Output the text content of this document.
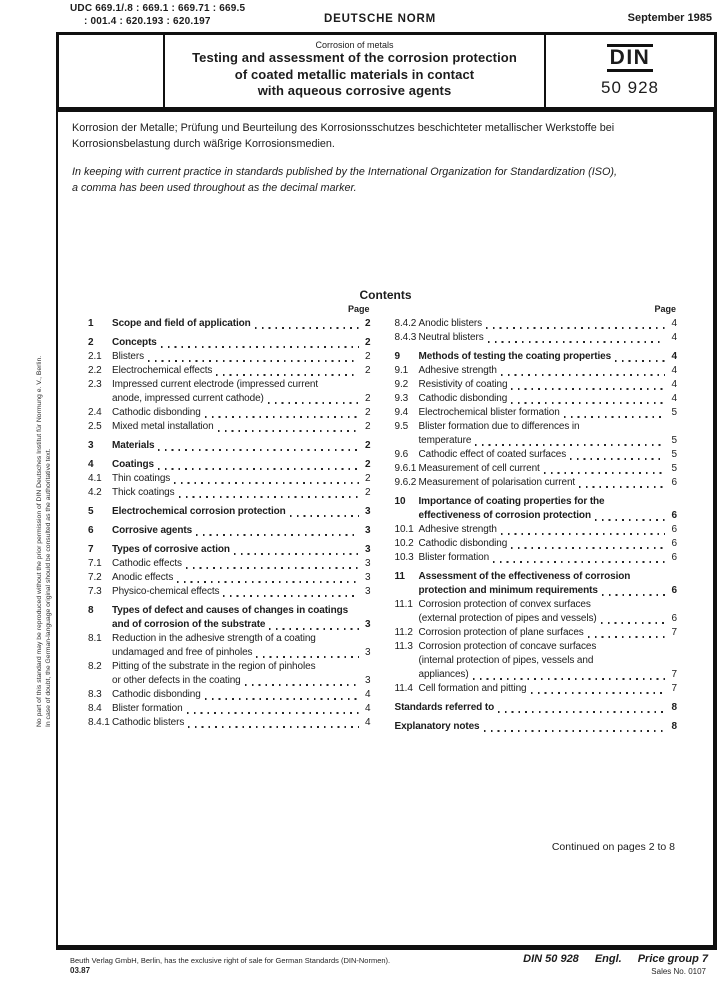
UDC 669.1/.8 : 669.1 : 669.71 : 669.5
: 001.4 : 620.193 : 620.197	DEUTSCHE NORM	September 1985
Corrosion of metals
Testing and assessment of the corrosion protection
of coated metallic materials in contact
with aqueous corrosive agents
DIN
50 928
Korrosion der Metalle; Prüfung und Beurteilung des Korrosionsschutzes beschichteter metallischer Werkstoffe bei
Korrosionsbelastung durch wäßrige Korrosionsmedien.
In keeping with current practice in standards published by the International Organization for Standardization (ISO),
a comma has been used throughout as the decimal marker.
Contents
Page
1	Scope and field of application	2
2	Concepts	2
2.1	Blisters	2
2.2	Electrochemical effects	2
2.3	Impressed current electrode (impressed current
anode, impressed current cathode)	2
2.4	Cathodic disbonding	2
2.5	Mixed metal installation	2
3	Materials	2
4	Coatings	2
4.1	Thin coatings	2
4.2	Thick coatings	2
5	Electrochemical corrosion protection	3
6	Corrosive agents	3
7	Types of corrosive action	3
7.1	Cathodic effects	3
7.2	Anodic effects	3
7.3	Physico-chemical effects	3
8	Types of defect and causes of changes in coatings
and of corrosion of the substrate	3
8.1	Reduction in the adhesive strength of a coating
undamaged and free of pinholes	3
8.2	Pitting of the substrate in the region of pinholes
or other defects in the coating	3
8.3	Cathodic disbonding	4
8.4	Blister formation	4
8.4.1 Cathodic blisters	4
Page
8.4.2 Anodic blisters	4
8.4.3 Neutral blisters	4
9	Methods of testing the coating properties	4
9.1	Adhesive strength	4
9.2	Resistivity of coating	4
9.3	Cathodic disbonding	4
9.4	Electrochemical blister formation	5
9.5	Blister formation due to differences in
temperature	5
9.6	Cathodic effect of coated surfaces	5
9.6.1 Measurement of cell current	5
9.6.2 Measurement of polarisation current	6
10	Importance of coating properties for the
effectiveness of corrosion protection	6
10.1 Adhesive strength	6
10.2 Cathodic disbonding	6
10.3 Blister formation	6
11	Assessment of the effectiveness of corrosion
protection and minimum requirements	6
11.1 Corrosion protection of convex surfaces
(external protection of pipes and vessels)	6
11.2 Corrosion protection of plane surfaces	7
11.3 Corrosion protection of concave surfaces
(internal protection of pipes, vessels and
appliances)	7
11.4 Cell formation and pitting	7
Standards referred to	8
Explanatory notes	8
Continued on pages 2 to 8
No part of this standard may be reproduced without the prior permission of DIN Deutsches Institut für Normung e. V., Berlin. In case of doubt, the German-language original should be consulted as the authoritative text.
Beuth Verlag GmbH, Berlin, has the exclusive right of sale for German Standards (DIN-Normen).
03.87
DIN 50 928 Engl. Price group 7
Sales No. 0107
